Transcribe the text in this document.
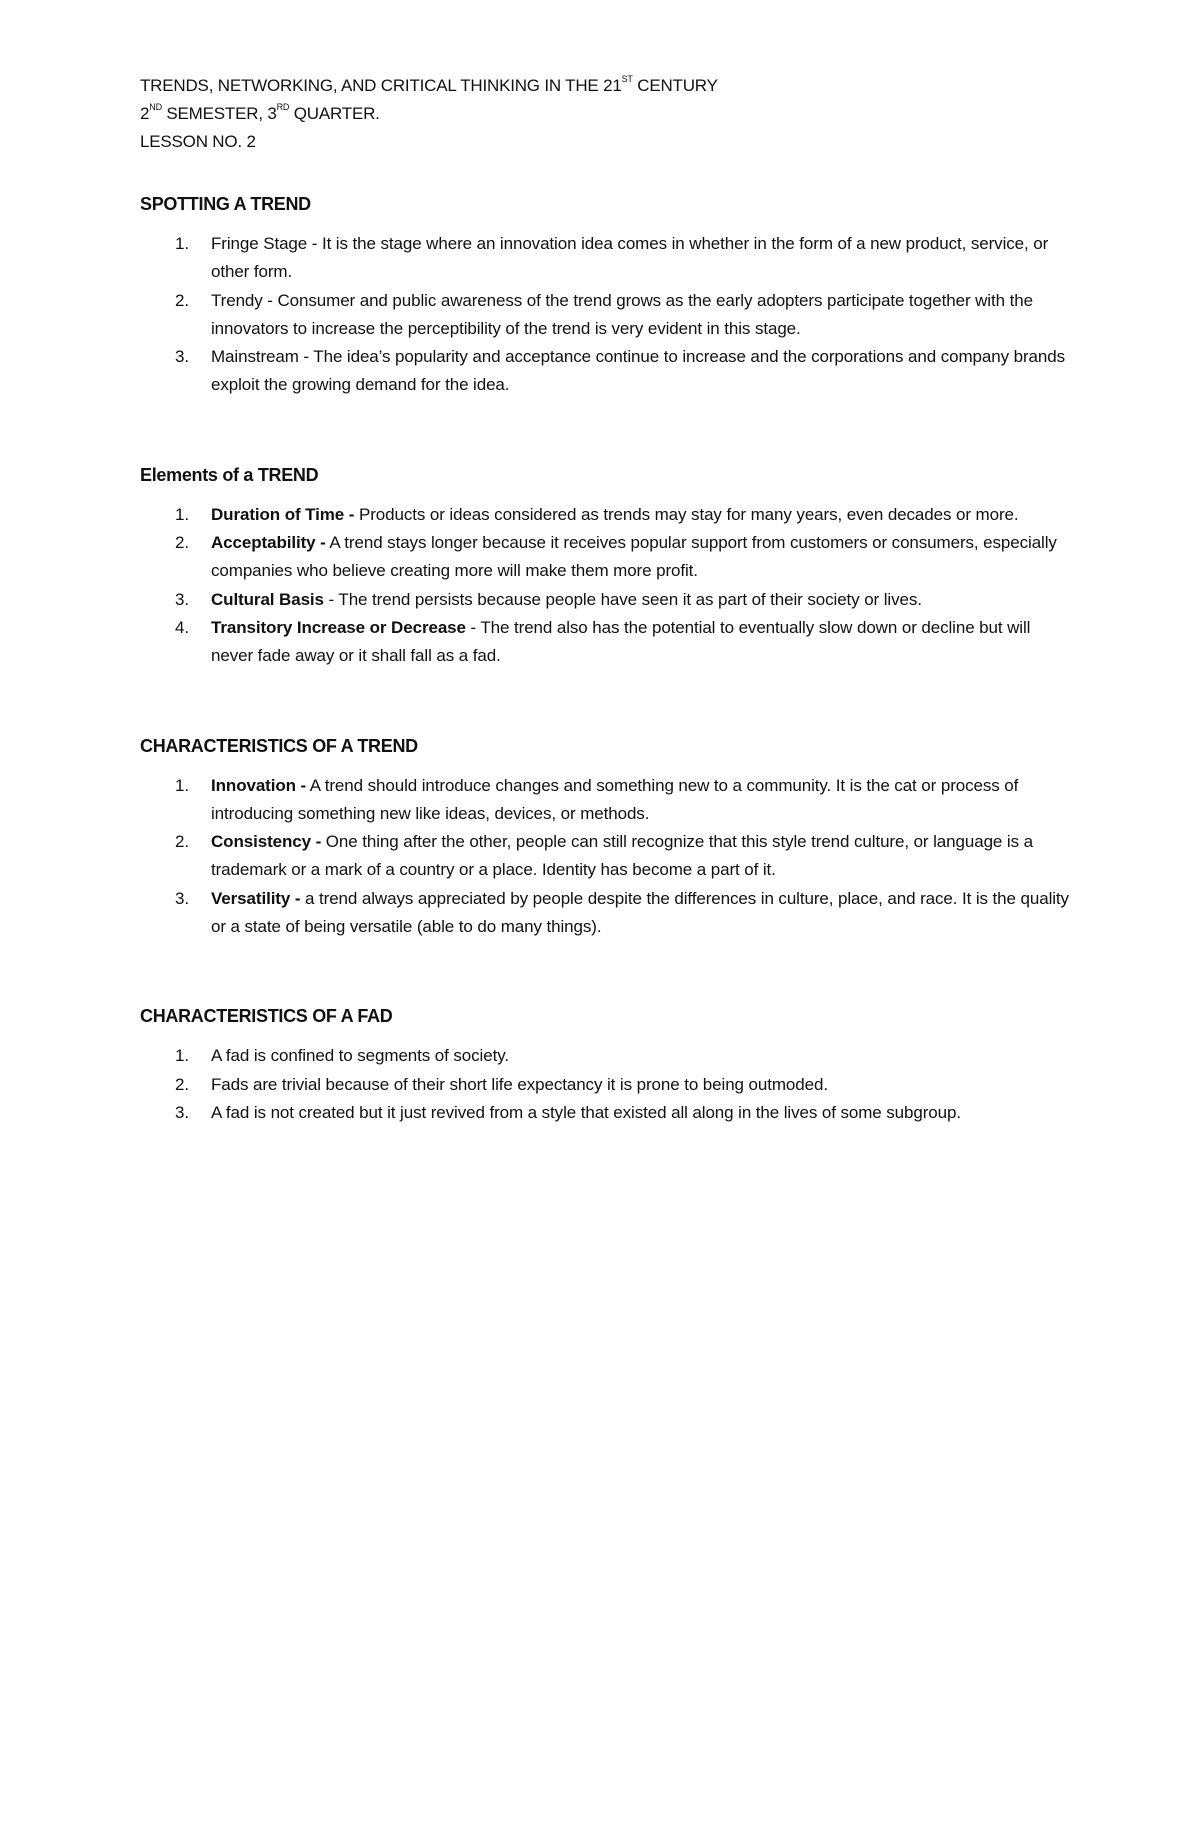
TRENDS, NETWORKING, AND CRITICAL THINKING IN THE 21ST CENTURY

2ND SEMESTER, 3RD QUARTER.

LESSON NO. 2

SPOTTING A TREND

1. Fringe Stage - It is the stage where an innovation idea comes in whether in the form of a new product, service, or other form.
2. Trendy - Consumer and public awareness of the trend grows as the early adopters participate together with the innovators to increase the perceptibility of the trend is very evident in this stage.
3. Mainstream - The idea’s popularity and acceptance continue to increase and the corporations and company brands exploit the growing demand for the idea.

Elements of a TREND

1. Duration of Time - Products or ideas considered as trends may stay for many years, even decades or more.
2. Acceptability - A trend stays longer because it receives popular support from customers or consumers, especially companies who believe creating more will make them more profit.
3. Cultural Basis - The trend persists because people have seen it as part of their society or lives.
4. Transitory Increase or Decrease - The trend also has the potential to eventually slow down or decline but will never fade away or it shall fall as a fad.

CHARACTERISTICS OF A TREND

1. Innovation - A trend should introduce changes and something new to a community. It is the cat or process of introducing something new like ideas, devices, or methods.
2. Consistency - One thing after the other, people can still recognize that this style trend culture, or language is a trademark or a mark of a country or a place. Identity has become a part of it.
3. Versatility - a trend always appreciated by people despite the differences in culture, place, and race. It is the quality or a state of being versatile (able to do many things).

CHARACTERISTICS OF A FAD

1. A fad is confined to segments of society.
2. Fads are trivial because of their short life expectancy it is prone to being outmoded.
3. A fad is not created but it just revived from a style that existed all along in the lives of some subgroup.
